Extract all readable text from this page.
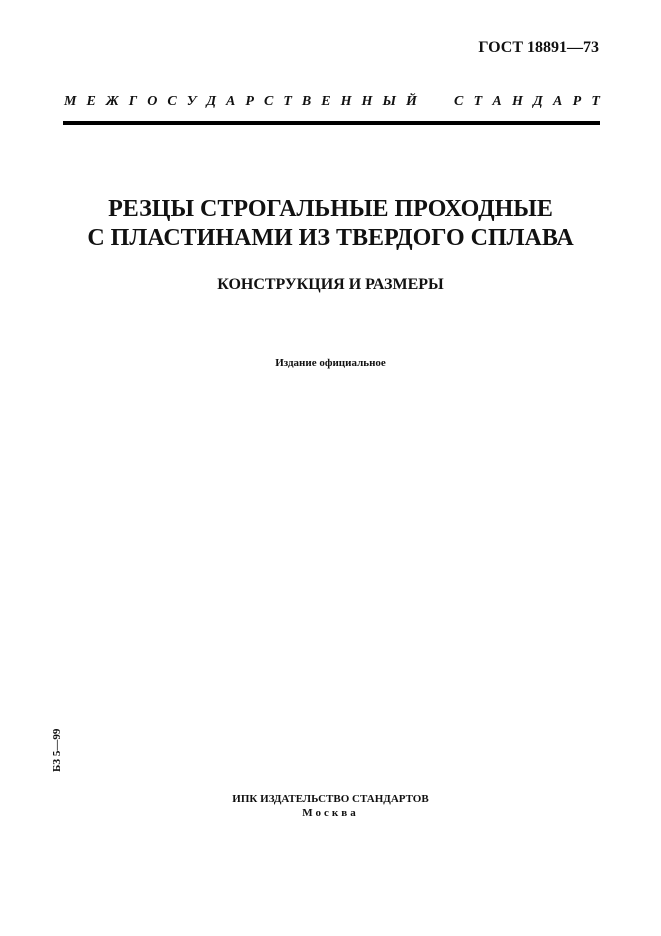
ГОСТ 18891—73
М Е Ж Г О С У Д А Р С Т В Е Н Н Ы Й	С Т А Н Д А Р Т
РЕЗЦЫ СТРОГАЛЬНЫЕ ПРОХОДНЫЕ
С ПЛАСТИНАМИ ИЗ ТВЕРДОГО СПЛАВА
КОНСТРУКЦИЯ И РАЗМЕРЫ
Издание официальное
БЗ 5—99
ИПК ИЗДАТЕЛЬСТВО СТАНДАРТОВ
Москва
